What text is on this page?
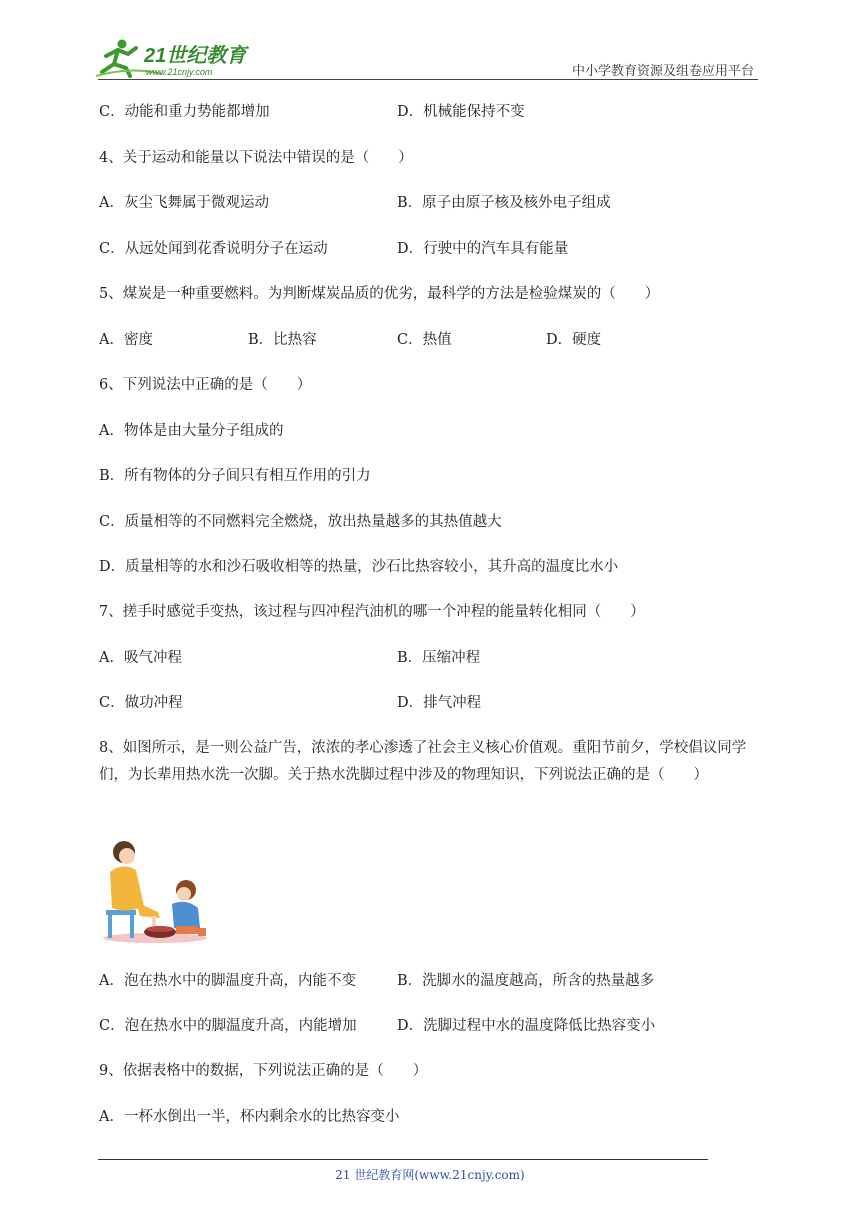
21世纪教育
www.21cnjy.com	中小学教育资源及组卷应用平台
C．动能和重力势能都增加	D．机械能保持不变
4、关于运动和能量以下说法中错误的是（　　）
A．灰尘飞舞属于微观运动	B．原子由原子核及核外电子组成
C．从远处闻到花香说明分子在运动	D．行驶中的汽车具有能量
5、煤炭是一种重要燃料。为判断煤炭品质的优劣，最科学的方法是检验煤炭的（　　）
A．密度	B．比热容	C．热值	D．硬度
6、下列说法中正确的是（　　）
A．物体是由大量分子组成的
B．所有物体的分子间只有相互作用的引力
C．质量相等的不同燃料完全燃烧，放出热量越多的其热值越大
D．质量相等的水和沙石吸收相等的热量，沙石比热容较小，其升高的温度比水小
7、搓手时感觉手变热，该过程与四冲程汽油机的哪一个冲程的能量转化相同（　　）
A．吸气冲程	B．压缩冲程
C．做功冲程	D．排气冲程
8、如图所示，是一则公益广告，浓浓的孝心渗透了社会主义核心价值观。重阳节前夕，学校倡议同学们，为长辈用热水洗一次脚。关于热水洗脚过程中涉及的物理知识，下列说法正确的是（　　）
A．泡在热水中的脚温度升高，内能不变	B．洗脚水的温度越高，所含的热量越多
C．泡在热水中的脚温度升高，内能增加	D．洗脚过程中水的温度降低比热容变小
9、依据表格中的数据，下列说法正确的是（　　）
A．一杯水倒出一半，杯内剩余水的比热容变小
21 世纪教育网(www.21cnjy.com)
